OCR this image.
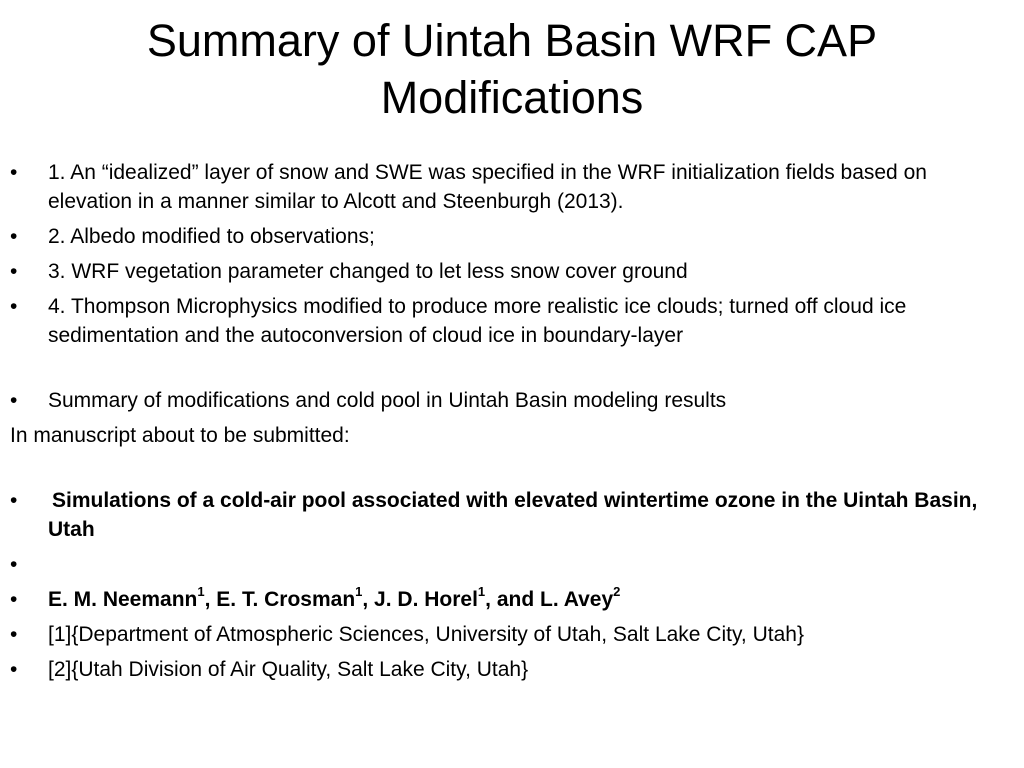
Summary of Uintah Basin WRF CAP
Modifications
•	1. An “idealized” layer of snow and SWE was specified in the WRF initialization fields based on elevation in a manner similar to Alcott and Steenburgh (2013).
•	2. Albedo modified to observations;
•	3. WRF vegetation parameter changed to let less snow cover ground
•	4. Thompson Microphysics modified to produce more realistic ice clouds; turned off cloud ice sedimentation and the autoconversion of cloud ice in boundary-layer
•	Summary of modifications and cold pool in Uintah Basin modeling results
In manuscript about to be submitted:
•	Simulations of a cold-air pool associated with elevated wintertime ozone in the Uintah Basin, Utah
•

•	E. M. Neemann$^1$, E. T. Crosman$^1$, J. D. Horel$^1$, and L. Avey$^2$
•	[1]{Department of Atmospheric Sciences, University of Utah, Salt Lake City, Utah}
•	[2]{Utah Division of Air Quality, Salt Lake City, Utah}
